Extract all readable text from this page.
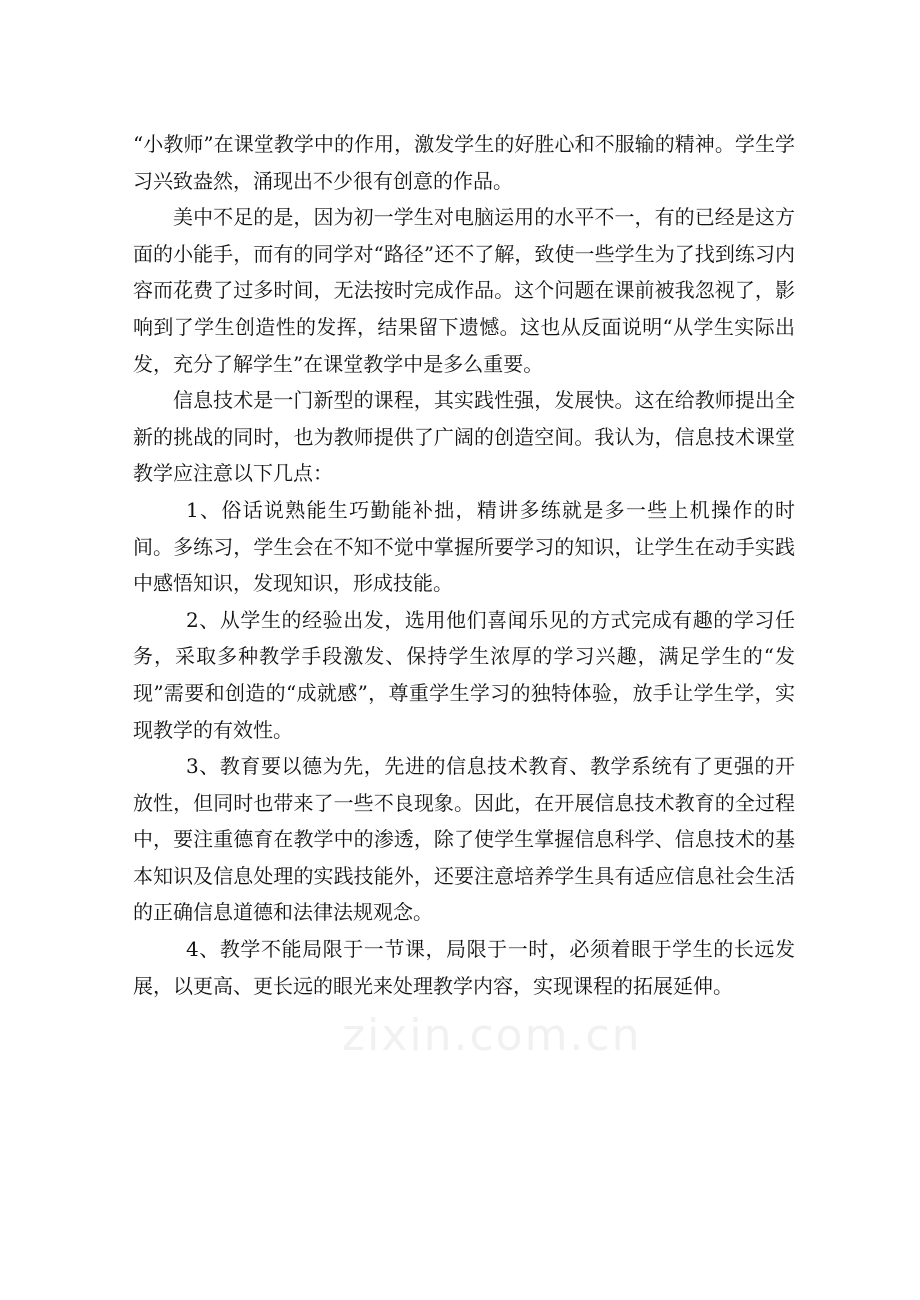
zixin.com.cn

“小教师”在课堂教学中的作用，激发学生的好胜心和不服输的精神。学生学习兴致盎然，涌现出不少很有创意的作品。

美中不足的是，因为初一学生对电脑运用的水平不一，有的已经是这方面的小能手，而有的同学对“路径”还不了解，致使一些学生为了找到练习内容而花费了过多时间，无法按时完成作品。这个问题在课前被我忽视了，影响到了学生创造性的发挥，结果留下遗憾。这也从反面说明“从学生实际出发，充分了解学生”在课堂教学中是多么重要。

信息技术是一门新型的课程，其实践性强，发展快。这在给教师提出全新的挑战的同时，也为教师提供了广阔的创造空间。我认为，信息技术课堂教学应注意以下几点：

1、俗话说熟能生巧勤能补拙，精讲多练就是多一些上机操作的时间。多练习，学生会在不知不觉中掌握所要学习的知识，让学生在动手实践中感悟知识，发现知识，形成技能。

2、从学生的经验出发，选用他们喜闻乐见的方式完成有趣的学习任务，采取多种教学手段激发、保持学生浓厚的学习兴趣，满足学生的“发现”需要和创造的“成就感”，尊重学生学习的独特体验，放手让学生学，实现教学的有效性。

3、教育要以德为先，先进的信息技术教育、教学系统有了更强的开放性，但同时也带来了一些不良现象。因此，在开展信息技术教育的全过程中，要注重德育在教学中的渗透，除了使学生掌握信息科学、信息技术的基本知识及信息处理的实践技能外，还要注意培养学生具有适应信息社会生活的正确信息道德和法律法规观念。

4、教学不能局限于一节课，局限于一时，必须着眼于学生的长远发展，以更高、更长远的眼光来处理教学内容，实现课程的拓展延伸。
